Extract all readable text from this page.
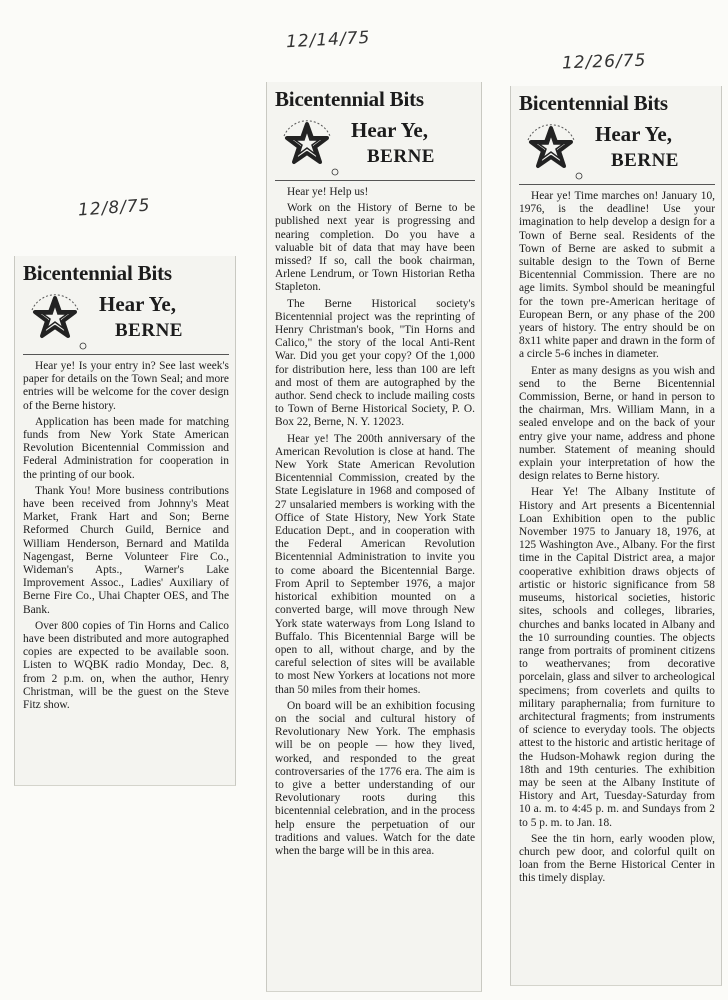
12/8/75
12/14/75
12/26/75
Bicentennial Bits
Hear Ye,
BERNE

Hear ye! Is your entry in? See last week's paper for details on the Town Seal; and more entries will be welcome for the cover design of the Berne history.

Application has been made for matching funds from New York State American Revolution Bicentennial Commission and Federal Administration for cooperation in the printing of our book.

Thank You! More business contributions have been received from Johnny's Meat Market, Frank Hart and Son; Berne Reformed Church Guild, Bernice and William Henderson, Bernard and Matilda Nagengast, Berne Volunteer Fire Co., Wideman's Apts., Warner's Lake Improvement Assoc., Ladies' Auxiliary of Berne Fire Co., Uhai Chapter OES, and The Bank.

Over 800 copies of Tin Horns and Calico have been distributed and more autographed copies are expected to be available soon. Listen to WQBK radio Monday, Dec. 8, from 2 p.m. on, when the author, Henry Christman, will be the guest on the Steve Fitz show.

Bicentennial Bits
Hear Ye,
BERNE

Hear ye! Help us!

Work on the History of Berne to be published next year is progressing and nearing completion. Do you have a valuable bit of data that may have been missed? If so, call the book chairman, Arlene Lendrum, or Town Historian Retha Stapleton.

The Berne Historical society's Bicentennial project was the reprinting of Henry Christman's book, "Tin Horns and Calico," the story of the local Anti-Rent War. Did you get your copy? Of the 1,000 for distribution here, less than 100 are left and most of them are autographed by the author. Send check to include mailing costs to Town of Berne Historical Society, P. O. Box 22, Berne, N. Y. 12023.

Hear ye! The 200th anniversary of the American Revolution is close at hand. The New York State American Revolution Bicentennial Commission, created by the State Legislature in 1968 and composed of 27 unsalaried members is working with the Office of State History, New York State Education Dept., and in cooperation with the Federal American Revolution Bicentennial Administration to invite you to come aboard the Bicentennial Barge. From April to September 1976, a major historical exhibition mounted on a converted barge, will move through New York state waterways from Long Island to Buffalo. This Bicentennial Barge will be open to all, without charge, and by the careful selection of sites will be available to most New Yorkers at locations not more than 50 miles from their homes.

On board will be an exhibition focusing on the social and cultural history of Revolutionary New York. The emphasis will be on people — how they lived, worked, and responded to the great controversaries of the 1776 era. The aim is to give a better understanding of our Revolutionary roots during this bicentennial celebration, and in the process help ensure the perpetuation of our traditions and values. Watch for the date when the barge will be in this area.

Bicentennial Bits
Hear Ye,
BERNE

Hear ye! Time marches on! January 10, 1976, is the deadline! Use your imagination to help develop a design for a Town of Berne seal. Residents of the Town of Berne are asked to submit a suitable design to the Town of Berne Bicentennial Commission. There are no age limits. Symbol should be meaningful for the town pre-American heritage of European Bern, or any phase of the 200 years of history. The entry should be on 8x11 white paper and drawn in the form of a circle 5-6 inches in diameter.

Enter as many designs as you wish and send to the Berne Bicentennial Commission, Berne, or hand in person to the chairman, Mrs. William Mann, in a sealed envelope and on the back of your entry give your name, address and phone number. Statement of meaning should explain your interpretation of how the design relates to Berne history.

Hear Ye! The Albany Institute of History and Art presents a Bicentennial Loan Exhibition open to the public November 1975 to January 18, 1976, at 125 Washington Ave., Albany. For the first time in the Capital District area, a major cooperative exhibition draws objects of artistic or historic significance from 58 museums, historical societies, historic sites, schools and colleges, libraries, churches and banks located in Albany and the 10 surrounding counties. The objects range from portraits of prominent citizens to weathervanes; from decorative porcelain, glass and silver to archeological specimens; from coverlets and quilts to military paraphernalia; from furniture to architectural fragments; from instruments of science to everyday tools. The objects attest to the historic and artistic heritage of the Hudson-Mohawk region during the 18th and 19th centuries. The exhibition may be seen at the Albany Institute of History and Art, Tuesday-Saturday from 10 a. m. to 4:45 p. m. and Sundays from 2 to 5 p. m. to Jan. 18.

See the tin horn, early wooden plow, church pew door, and colorful quilt on loan from the Berne Historical Center in this timely display.
